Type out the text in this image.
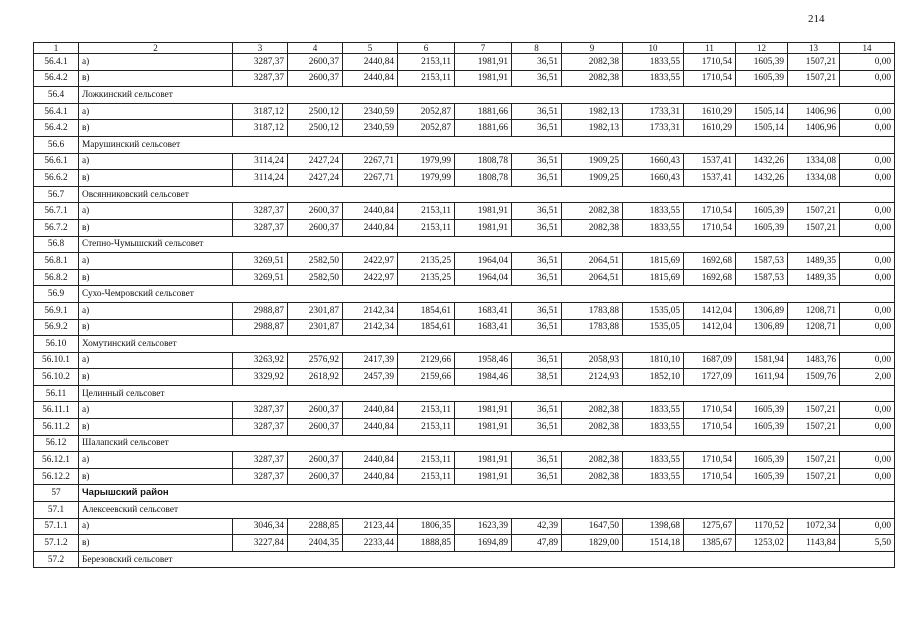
214
1	2	3	4	5	6	7	8	9	10	11	12	13	14
56.4.1	а)	3287,37	2600,37	2440,84	2153,11	1981,91	36,51	2082,38	1833,55	1710,54	1605,39	1507,21	0,00
56.4.2	в)	3287,37	2600,37	2440,84	2153,11	1981,91	36,51	2082,38	1833,55	1710,54	1605,39	1507,21	0,00
56.4	Ложкинский сельсовет												
56.4.1	а)	3187,12	2500,12	2340,59	2052,87	1881,66	36,51	1982,13	1733,31	1610,29	1505,14	1406,96	0,00
56.4.2	в)	3187,12	2500,12	2340,59	2052,87	1881,66	36,51	1982,13	1733,31	1610,29	1505,14	1406,96	0,00
56.6	Марушинский сельсовет												
56.6.1	а)	3114,24	2427,24	2267,71	1979,99	1808,78	36,51	1909,25	1660,43	1537,41	1432,26	1334,08	0,00
56.6.2	в)	3114,24	2427,24	2267,71	1979,99	1808,78	36,51	1909,25	1660,43	1537,41	1432,26	1334,08	0,00
56.7	Овсянниковский сельсовет												
56.7.1	а)	3287,37	2600,37	2440,84	2153,11	1981,91	36,51	2082,38	1833,55	1710,54	1605,39	1507,21	0,00
56.7.2	в)	3287,37	2600,37	2440,84	2153,11	1981,91	36,51	2082,38	1833,55	1710,54	1605,39	1507,21	0,00
56.8	Степно-Чумышский сельсовет												
56.8.1	а)	3269,51	2582,50	2422,97	2135,25	1964,04	36,51	2064,51	1815,69	1692,68	1587,53	1489,35	0,00
56.8.2	в)	3269,51	2582,50	2422,97	2135,25	1964,04	36,51	2064,51	1815,69	1692,68	1587,53	1489,35	0,00
56.9	Сухо-Чемровский сельсовет												
56.9.1	а)	2988,87	2301,87	2142,34	1854,61	1683,41	36,51	1783,88	1535,05	1412,04	1306,89	1208,71	0,00
56.9.2	в)	2988,87	2301,87	2142,34	1854,61	1683,41	36,51	1783,88	1535,05	1412,04	1306,89	1208,71	0,00
56.10	Хомутинский сельсовет												
56.10.1	а)	3263,92	2576,92	2417,39	2129,66	1958,46	36,51	2058,93	1810,10	1687,09	1581,94	1483,76	0,00
56.10.2	в)	3329,92	2618,92	2457,39	2159,66	1984,46	38,51	2124,93	1852,10	1727,09	1611,94	1509,76	2,00
56.11	Целинный сельсовет												
56.11.1	а)	3287,37	2600,37	2440,84	2153,11	1981,91	36,51	2082,38	1833,55	1710,54	1605,39	1507,21	0,00
56.11.2	в)	3287,37	2600,37	2440,84	2153,11	1981,91	36,51	2082,38	1833,55	1710,54	1605,39	1507,21	0,00
56.12	Шалапский сельсовет												
56.12.1	а)	3287,37	2600,37	2440,84	2153,11	1981,91	36,51	2082,38	1833,55	1710,54	1605,39	1507,21	0,00
56.12.2	в)	3287,37	2600,37	2440,84	2153,11	1981,91	36,51	2082,38	1833,55	1710,54	1605,39	1507,21	0,00
57	Чарышский район												
57.1	Алексеевский сельсовет												
57.1.1	а)	3046,34	2288,85	2123,44	1806,35	1623,39	42,39	1647,50	1398,68	1275,67	1170,52	1072,34	0,00
57.1.2	в)	3227,84	2404,35	2233,44	1888,85	1694,89	47,89	1829,00	1514,18	1385,67	1253,02	1143,84	5,50
57.2	Березовский сельсовет												
